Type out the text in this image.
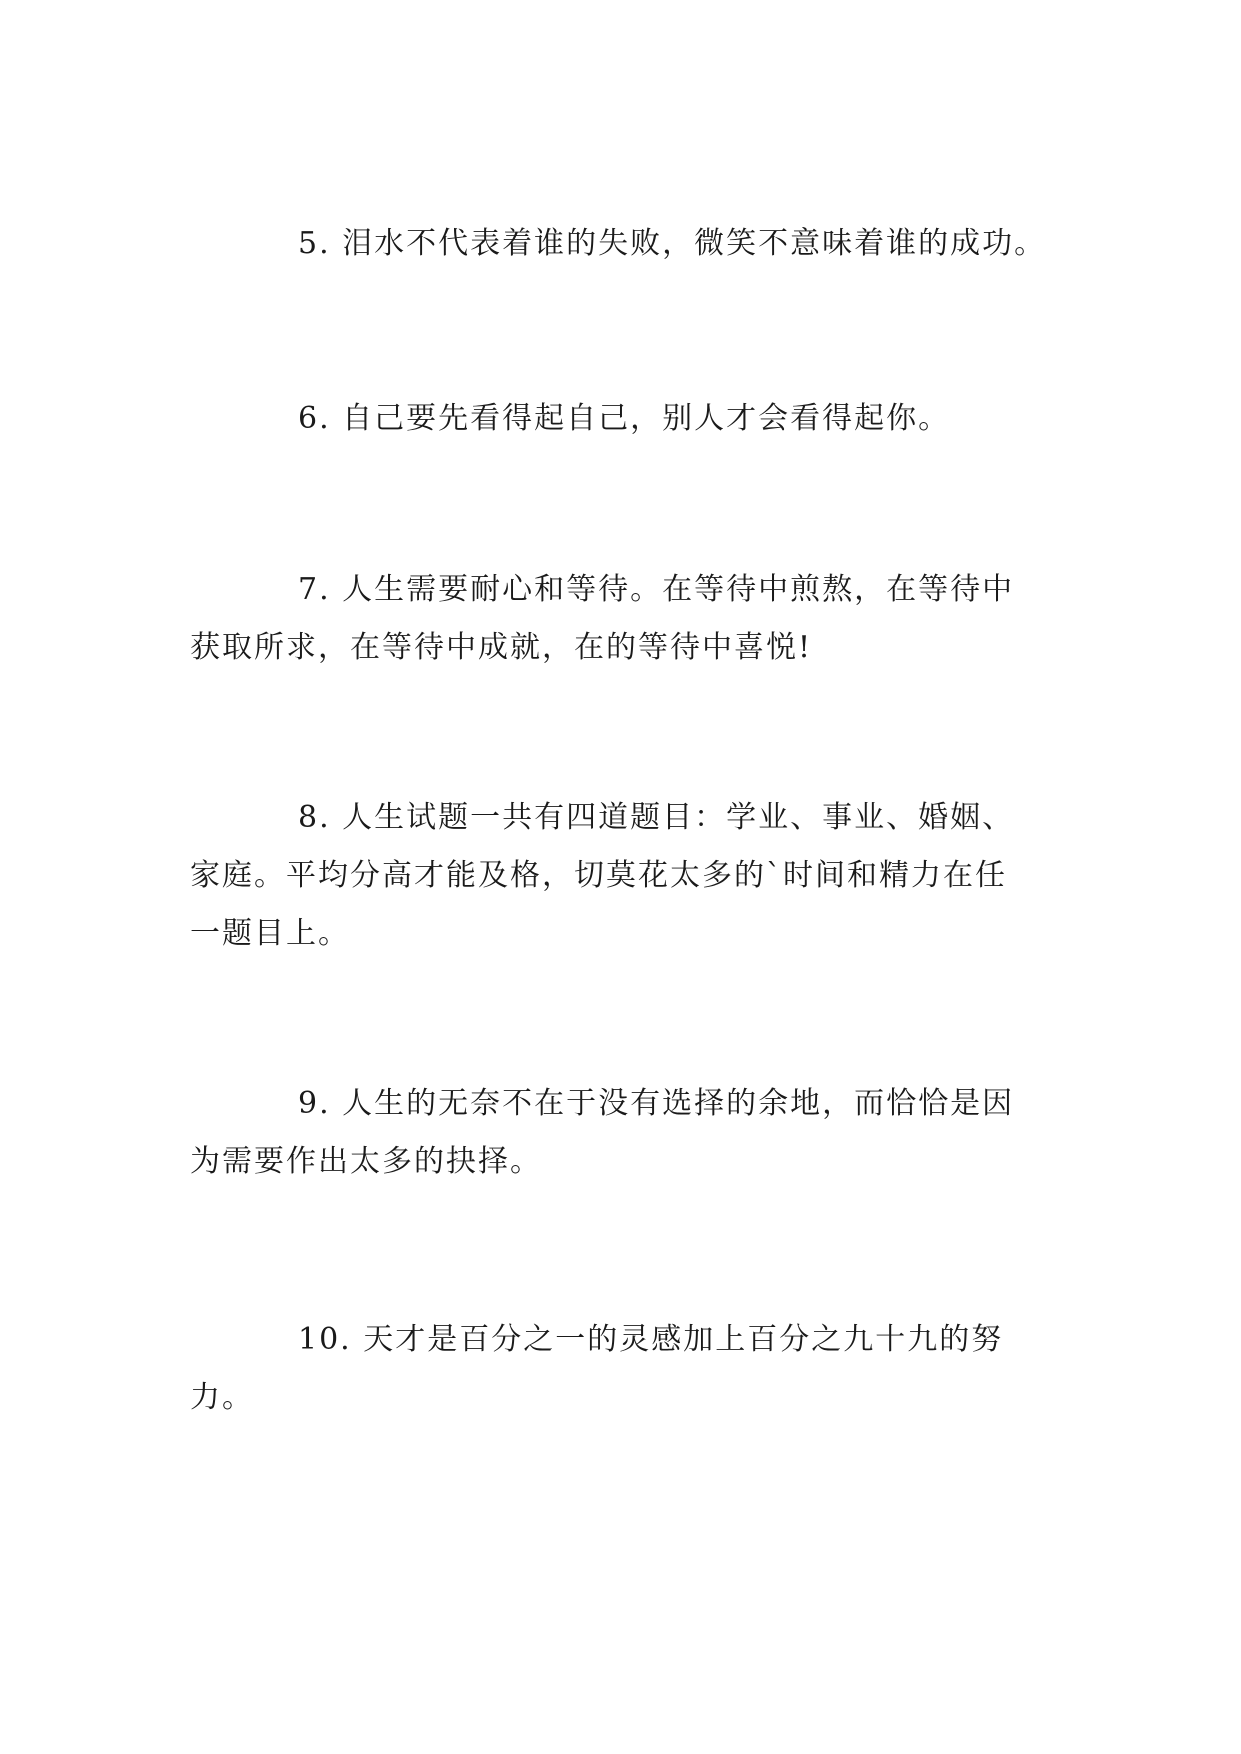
5. 泪水不代表着谁的失败，微笑不意味着谁的成功。
6. 自己要先看得起自己，别人才会看得起你。
7. 人生需要耐心和等待。在等待中煎熬，在等待中
获取所求，在等待中成就，在的等待中喜悦!
8. 人生试题一共有四道题目：学业、事业、婚姻、
家庭。平均分高才能及格，切莫花太多的`时间和精力在任
一题目上。
9. 人生的无奈不在于没有选择的余地，而恰恰是因
为需要作出太多的抉择。
10. 天才是百分之一的灵感加上百分之九十九的努
力。
